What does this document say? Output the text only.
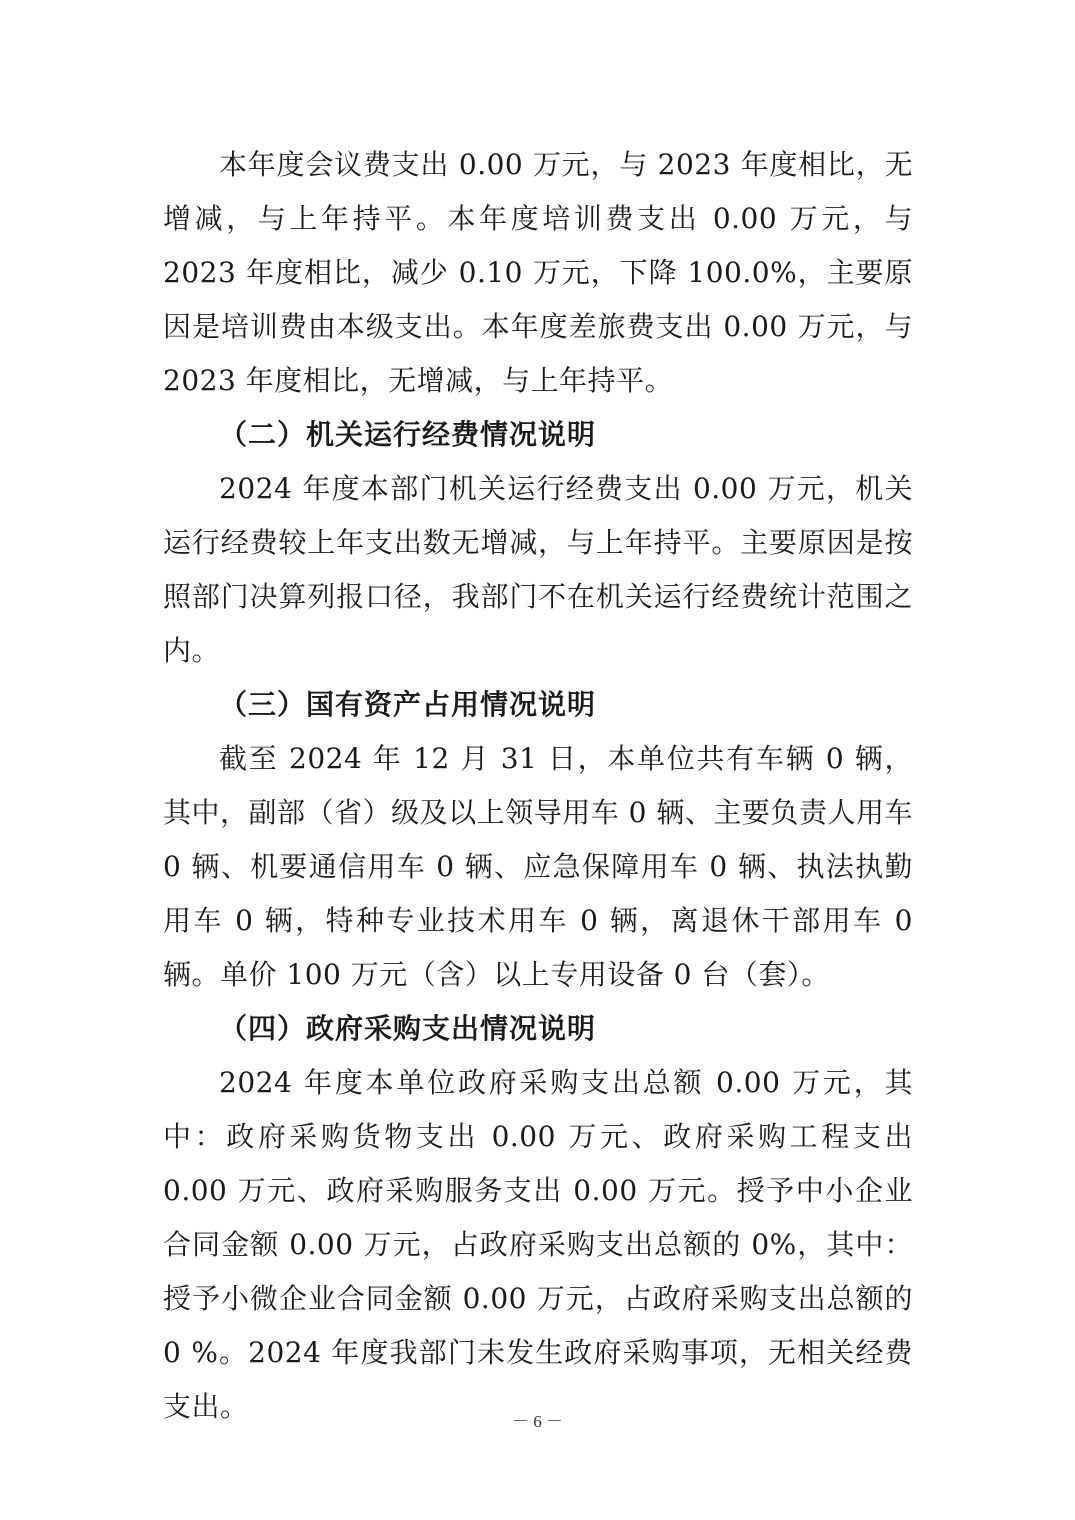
本年度会议费支出 0.00 万元，与 2023 年度相比，无增减，与上年持平。本年度培训费支出 0.00 万元，与 2023 年度相比，减少 0.10 万元，下降 100.0%，主要原因是培训费由本级支出。本年度差旅费支出 0.00 万元，与 2023 年度相比，无增减，与上年持平。

（二）机关运行经费情况说明

2024 年度本部门机关运行经费支出 0.00 万元，机关运行经费较上年支出数无增减，与上年持平。主要原因是按照部门决算列报口径，我部门不在机关运行经费统计范围之内。

（三）国有资产占用情况说明

截至 2024 年 12 月 31 日，本单位共有车辆 0 辆，其中，副部（省）级及以上领导用车 0 辆、主要负责人用车 0 辆、机要通信用车 0 辆、应急保障用车 0 辆、执法执勤用车 0 辆，特种专业技术用车 0 辆，离退休干部用车 0 辆。单价 100 万元（含）以上专用设备 0 台（套）。

（四）政府采购支出情况说明

2024 年度本单位政府采购支出总额 0.00 万元，其中：政府采购货物支出 0.00 万元、政府采购工程支出 0.00 万元、政府采购服务支出 0.00 万元。授予中小企业合同金额 0.00 万元，占政府采购支出总额的 0%，其中：授予小微企业合同金额 0.00 万元，占政府采购支出总额的 0 %。2024 年度我部门未发生政府采购事项，无相关经费支出。	－ 6 －
